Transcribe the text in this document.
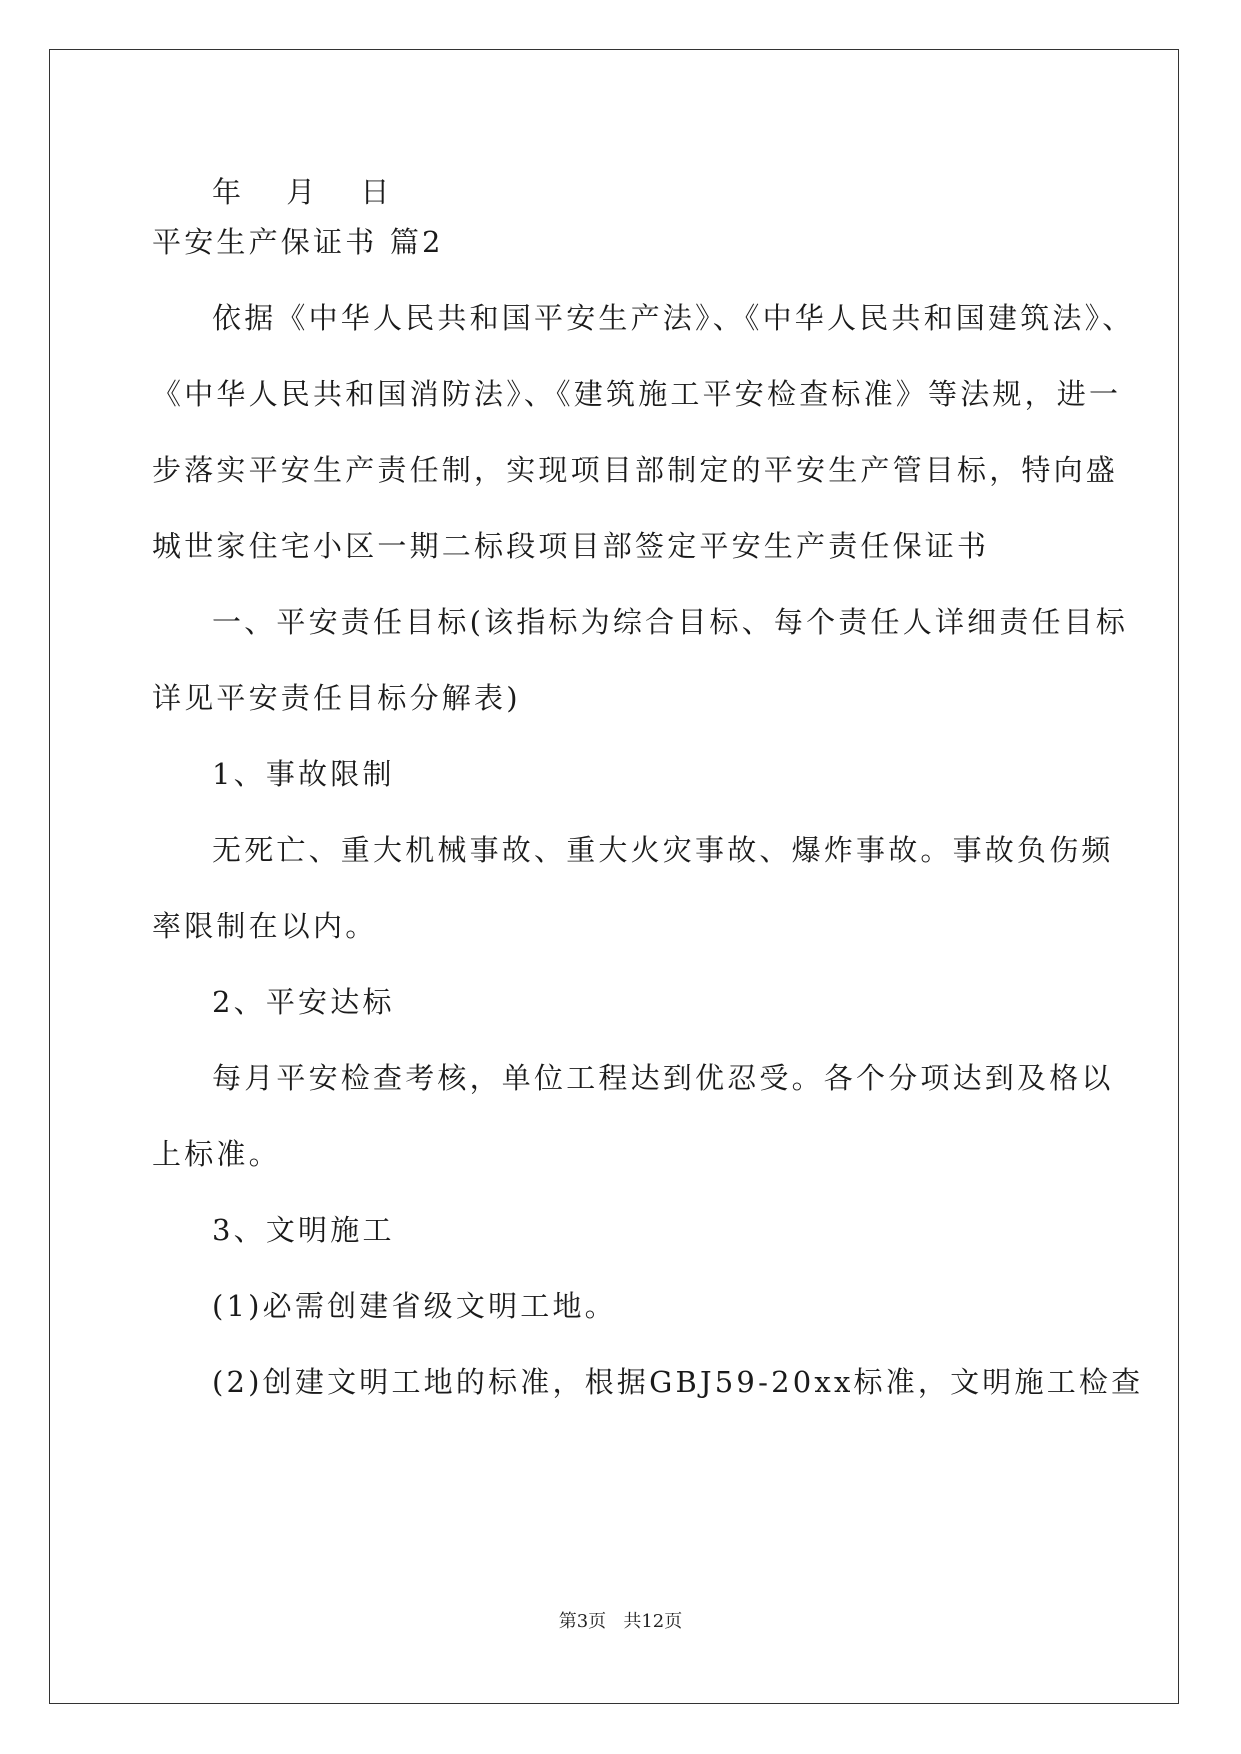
年 月 日
平安生产保证书 篇2
依据《中华人民共和国平安生产法》、《中华人民共和国建筑法》、
《中华人民共和国消防法》、《建筑施工平安检查标准》等法规，进一
步落实平安生产责任制，实现项目部制定的平安生产管目标，特向盛
城世家住宅小区一期二标段项目部签定平安生产责任保证书
一、平安责任目标(该指标为综合目标、每个责任人详细责任目标
详见平安责任目标分解表)
1、事故限制
无死亡、重大机械事故、重大火灾事故、爆炸事故。事故负伤频
率限制在以内。
2、平安达标
每月平安检查考核，单位工程达到优忍受。各个分项达到及格以
上标准。
3、文明施工
(1)必需创建省级文明工地。
(2)创建文明工地的标准，根据GBJ59-20xx标准，文明施工检查
第3页   共12页
